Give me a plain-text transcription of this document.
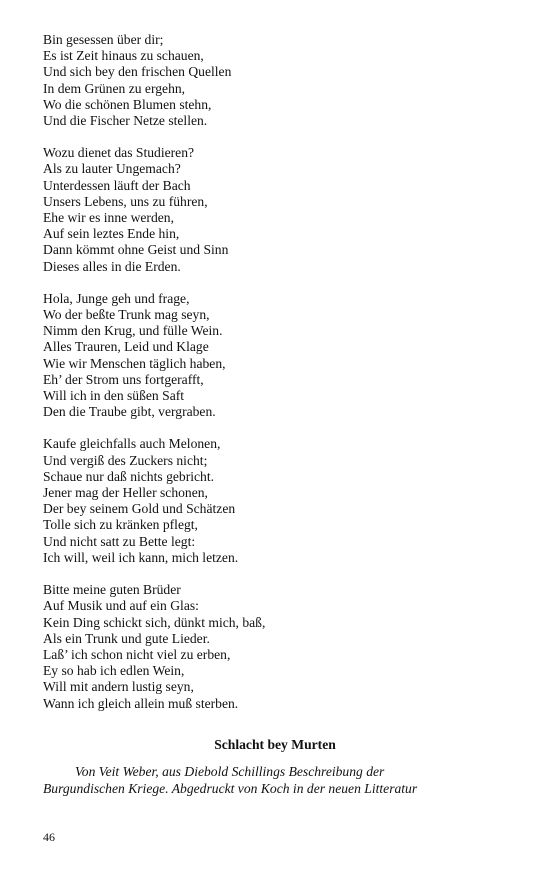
Bin gesessen über dir;
Es ist Zeit hinaus zu schauen,
Und sich bey den frischen Quellen
In dem Grünen zu ergehn,
Wo die schönen Blumen stehn,
Und die Fischer Netze stellen.
Wozu dienet das Studieren?
Als zu lauter Ungemach?
Unterdessen läuft der Bach
Unsers Lebens, uns zu führen,
Ehe wir es inne werden,
Auf sein leztes Ende hin,
Dann kömmt ohne Geist und Sinn
Dieses alles in die Erden.
Hola, Junge geh und frage,
Wo der beßte Trunk mag seyn,
Nimm den Krug, und fülle Wein.
Alles Trauren, Leid und Klage
Wie wir Menschen täglich haben,
Eh’ der Strom uns fortgerafft,
Will ich in den süßen Saft
Den die Traube gibt, vergraben.
Kaufe gleichfalls auch Melonen,
Und vergiß des Zuckers nicht;
Schaue nur daß nichts gebricht.
Jener mag der Heller schonen,
Der bey seinem Gold und Schätzen
Tolle sich zu kränken pflegt,
Und nicht satt zu Bette legt:
Ich will, weil ich kann, mich letzen.
Bitte meine guten Brüder
Auf Musik und auf ein Glas:
Kein Ding schickt sich, dünkt mich, baß,
Als ein Trunk und gute Lieder.
Laß’ ich schon nicht viel zu erben,
Ey so hab ich edlen Wein,
Will mit andern lustig seyn,
Wann ich gleich allein muß sterben.
Schlacht bey Murten
Von Veit Weber, aus Diebold Schillings Beschreibung der
Burgundischen Kriege. Abgedruckt von Koch in der neuen Litteratur
46
